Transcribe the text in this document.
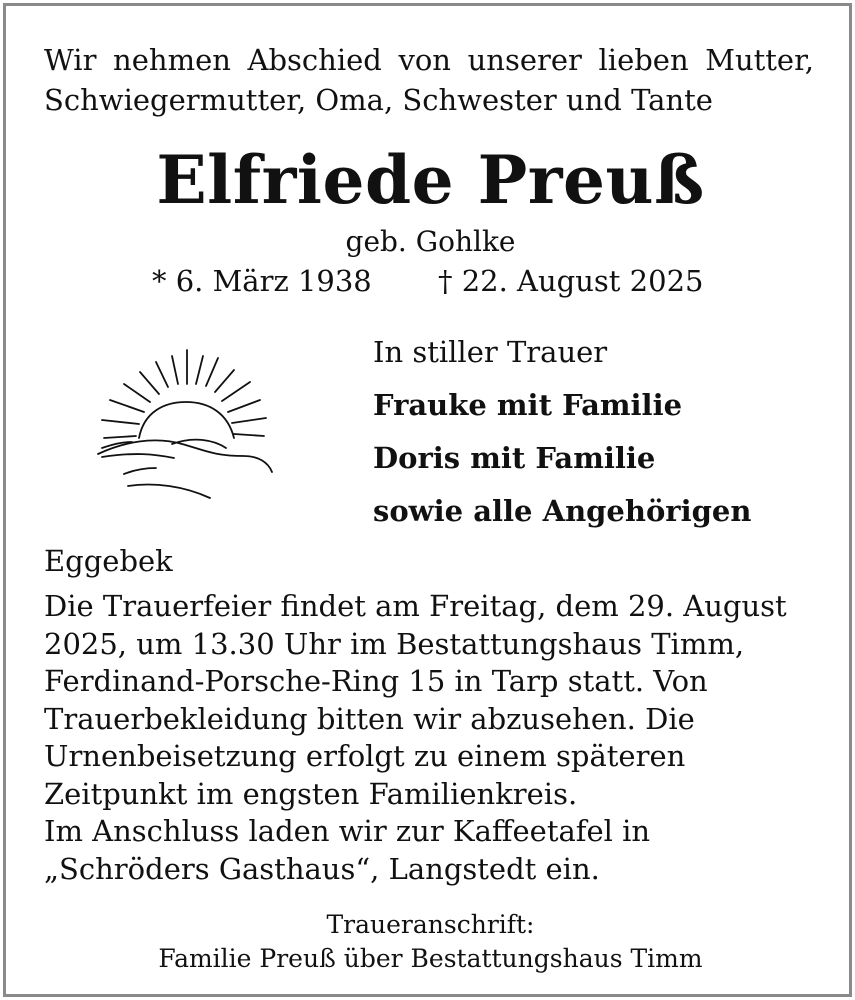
Wir nehmen Abschied von unserer lieben Mutter, Schwiegermutter, Oma, Schwester und Tante
Elfriede Preuß
geb. Gohlke
* 6. März 1938 † 22. August 2025
In stiller Trauer
Frauke mit Familie
Doris mit Familie
sowie alle Angehörigen
Eggebek
Die Trauerfeier findet am Freitag, dem 29. August 2025, um 13.30 Uhr im Bestattungshaus Timm, Ferdinand-Porsche-Ring 15 in Tarp statt. Von Trauerbekleidung bitten wir abzusehen. Die Urnenbeisetzung erfolgt zu einem späteren Zeitpunkt im engsten Familienkreis.
Im Anschluss laden wir zur Kaffeetafel in „Schröders Gasthaus“, Langstedt ein.
Traueranschrift:
Familie Preuß über Bestattungshaus Timm
